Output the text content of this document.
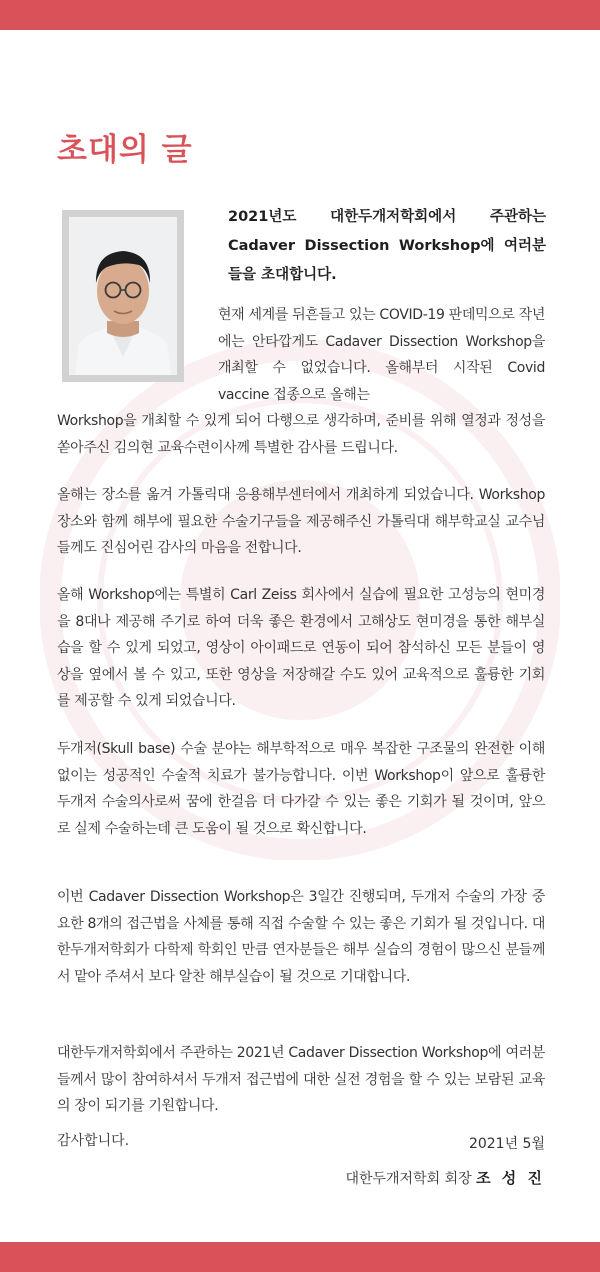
초대의 글
2021년도 대한두개저학회에서 주관하는 Cadaver Dissection Workshop에 여러분들을 초대합니다.
현재 세계를 뒤흔들고 있는 COVID-19 판데믹으로 작년에는 안타깝게도 Cadaver Dissection Workshop을 개최할 수 없었습니다. 올해부터 시작된 Covid vaccine 접종으로 올해는
Workshop을 개최할 수 있게 되어 다행으로 생각하며, 준비를 위해 열정과 정성을 쏟아주신 김의현 교육수련이사께 특별한 감사를 드립니다.
올해는 장소를 옮겨 가톨릭대 응용해부센터에서 개최하게 되었습니다. Workshop 장소와 함께 해부에 필요한 수술기구들을 제공해주신 가톨릭대 해부학교실 교수님들께도 진심어린 감사의 마음을 전합니다.
올해 Workshop에는 특별히 Carl Zeiss 회사에서 실습에 필요한 고성능의 현미경을 8대나 제공해 주기로 하여 더욱 좋은 환경에서 고해상도 현미경을 통한 해부실습을 할 수 있게 되었고, 영상이 아이패드로 연동이 되어 참석하신 모든 분들이 영상을 옆에서 볼 수 있고, 또한 영상을 저장해갈 수도 있어 교육적으로 훌륭한 기회를 제공할 수 있게 되었습니다.
두개저(Skull base) 수술 분야는 해부학적으로 매우 복잡한 구조물의 완전한 이해 없이는 성공적인 수술적 치료가 불가능합니다. 이번 Workshop이 앞으로 훌륭한 두개저 수술의사로써 꿈에 한걸음 더 다가갈 수 있는 좋은 기회가 될 것이며, 앞으로 실제 수술하는데 큰 도움이 될 것으로 확신합니다.
이번 Cadaver Dissection Workshop은 3일간 진행되며, 두개저 수술의 가장 중요한 8개의 접근법을 사체를 통해 직접 수술할 수 있는 좋은 기회가 될 것입니다. 대한두개저학회가 다학제 학회인 만큼 연자분들은 해부 실습의 경험이 많으신 분들께서 맡아 주셔서 보다 알찬 해부실습이 될 것으로 기대합니다.
대한두개저학회에서 주관하는 2021년 Cadaver Dissection Workshop에 여러분들께서 많이 참여하셔서 두개저 접근법에 대한 실전 경험을 할 수 있는 보람된 교육의 장이 되기를 기원합니다.
감사합니다.	2021년 5월
대한두개저학회 회장 조 성 진
